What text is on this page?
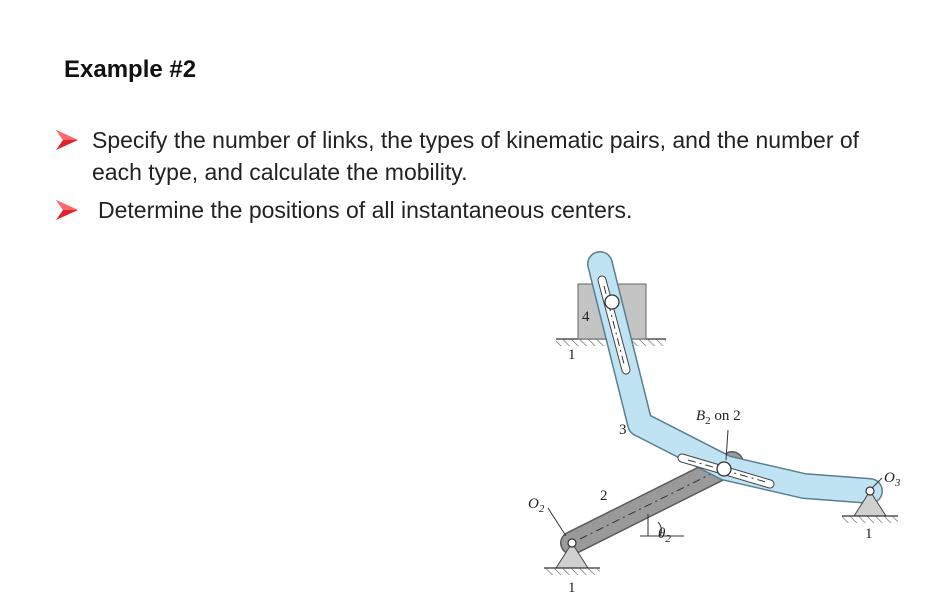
Example #2
Specify the number of links, the types of kinematic pairs, and the number of each type, and calculate the mobility.
Determine the positions of all instantaneous centers.
4
1
3
2
$O_2$
$O_3$
$B_2$ on 2
$\theta_2$
1
1
